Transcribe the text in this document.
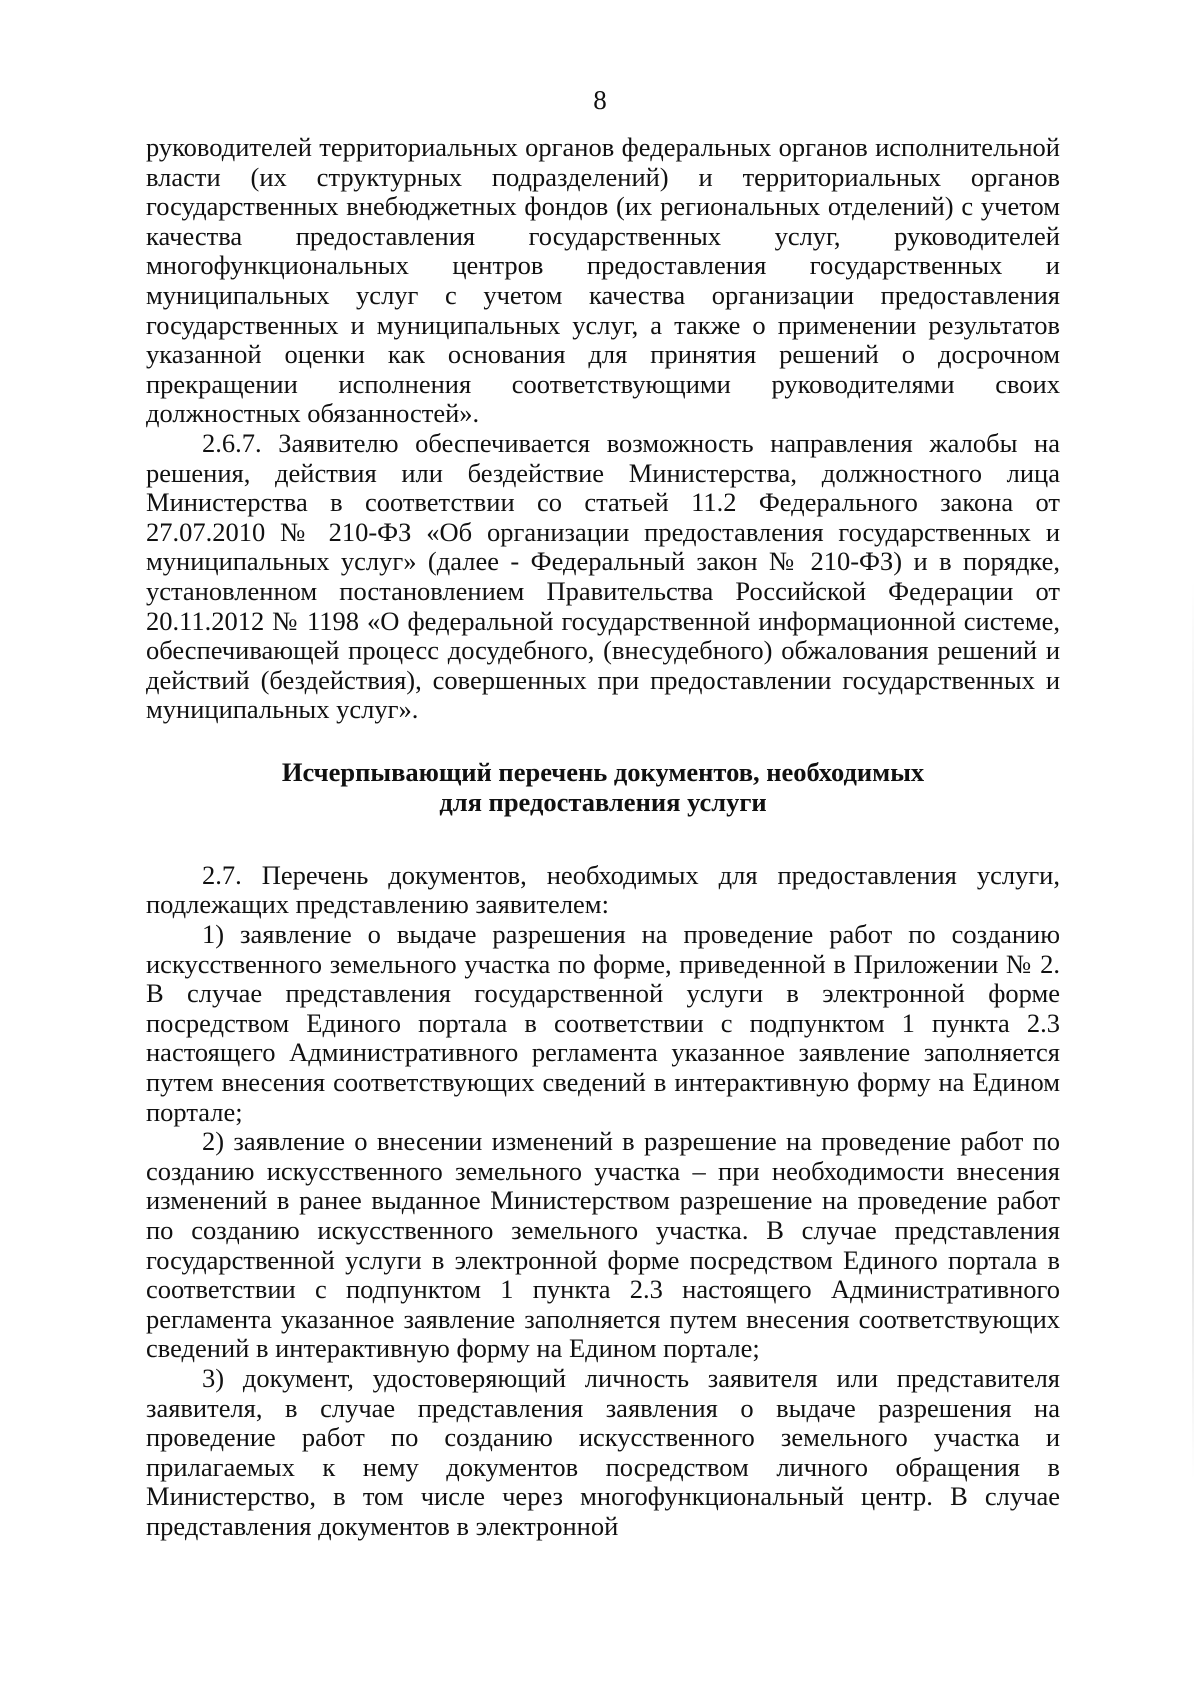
8

руководителей территориальных органов федеральных органов исполнительной власти (их структурных подразделений) и территориальных органов государственных внебюджетных фондов (их региональных отделений) с учетом качества предоставления государственных услуг, руководителей многофункциональных центров предоставления государственных и муниципальных услуг с учетом качества организации предоставления государственных и муниципальных услуг, а также о применении результатов указанной оценки как основания для принятия решений о досрочном прекращении исполнения соответствующими руководителями своих должностных обязанностей».

2.6.7. Заявителю обеспечивается возможность направления жалобы на решения, действия или бездействие Министерства, должностного лица Министерства в соответствии со статьей 11.2 Федерального закона от 27.07.2010 № 210-ФЗ «Об организации предоставления государственных и муниципальных услуг» (далее - Федеральный закон № 210-ФЗ) и в порядке, установленном постановлением Правительства Российской Федерации от 20.11.2012 № 1198 «О федеральной государственной информационной системе, обеспечивающей процесс досудебного, (внесудебного) обжалования решений и действий (бездействия), совершенных при предоставлении государственных и муниципальных услуг».

Исчерпывающий перечень документов, необходимых
для предоставления услуги

2.7. Перечень документов, необходимых для предоставления услуги, подлежащих представлению заявителем:

1) заявление о выдаче разрешения на проведение работ по созданию искусственного земельного участка по форме, приведенной в Приложении № 2. В случае представления государственной услуги в электронной форме посредством Единого портала в соответствии с подпунктом 1 пункта 2.3 настоящего Административного регламента указанное заявление заполняется путем внесения соответствующих сведений в интерактивную форму на Едином портале;

2) заявление о внесении изменений в разрешение на проведение работ по созданию искусственного земельного участка – при необходимости внесения изменений в ранее выданное Министерством разрешение на проведение работ по созданию искусственного земельного участка. В случае представления государственной услуги в электронной форме посредством Единого портала в соответствии с подпунктом 1 пункта 2.3 настоящего Административного регламента указанное заявление заполняется путем внесения соответствующих сведений в интерактивную форму на Едином портале;

3) документ, удостоверяющий личность заявителя или представителя заявителя, в случае представления заявления о выдаче разрешения на проведение работ по созданию искусственного земельного участка и прилагаемых к нему документов посредством личного обращения в Министерство, в том числе через многофункциональный центр. В случае представления документов в электронной
